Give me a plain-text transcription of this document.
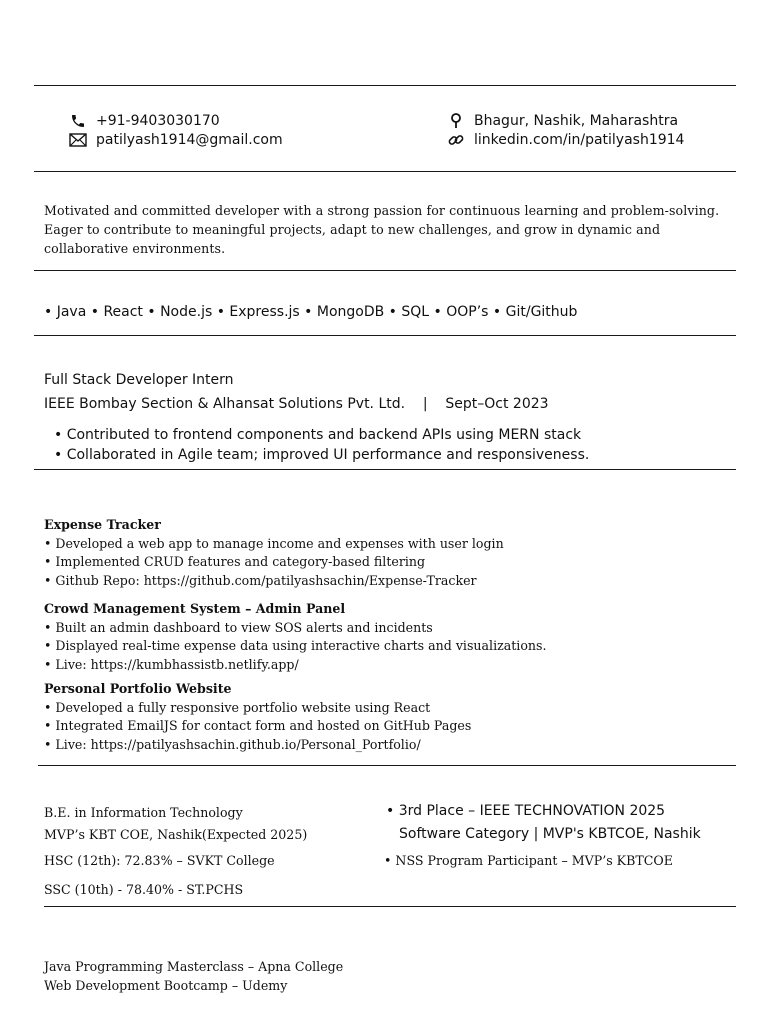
+91-9403030170
patilyash1914@gmail.com
Bhagur, Nashik, Maharashtra
linkedin.com/in/patilyash1914
Motivated and committed developer with a strong passion for continuous learning and problem-solving. Eager to contribute to meaningful projects, adapt to new challenges, and grow in dynamic and collaborative environments.
• Java • React • Node.js • Express.js • MongoDB • SQL • OOP’s • Git/Github
Full Stack Developer Intern
IEEE Bombay Section & Alhansat Solutions Pvt. Ltd.    |    Sept–Oct 2023
• Contributed to frontend components and backend APIs using MERN stack
• Collaborated in Agile team; improved UI performance and responsiveness.
Expense Tracker
• Developed a web app to manage income and expenses with user login
• Implemented CRUD features and category-based filtering
• Github Repo: https://github.com/patilyashsachin/Expense-Tracker
Crowd Management System – Admin Panel
• Built an admin dashboard to view SOS alerts and incidents
• Displayed real-time expense data using interactive charts and visualizations.
• Live: https://kumbhassistb.netlify.app/
Personal Portfolio Website
• Developed a fully responsive portfolio website using React
• Integrated EmailJS for contact form and hosted on GitHub Pages
• Live: https://patilyashsachin.github.io/Personal_Portfolio/
B.E. in Information Technology
MVP’s KBT COE, Nashik(Expected 2025)
HSC (12th): 72.83% – SVKT College
SSC (10th) - 78.40% - ST.PCHS
• 3rd Place – IEEE TECHNOVATION 2025
Software Category | MVP's KBTCOE, Nashik
• NSS Program Participant – MVP’s KBTCOE
Java Programming Masterclass – Apna College
Web Development Bootcamp – Udemy
